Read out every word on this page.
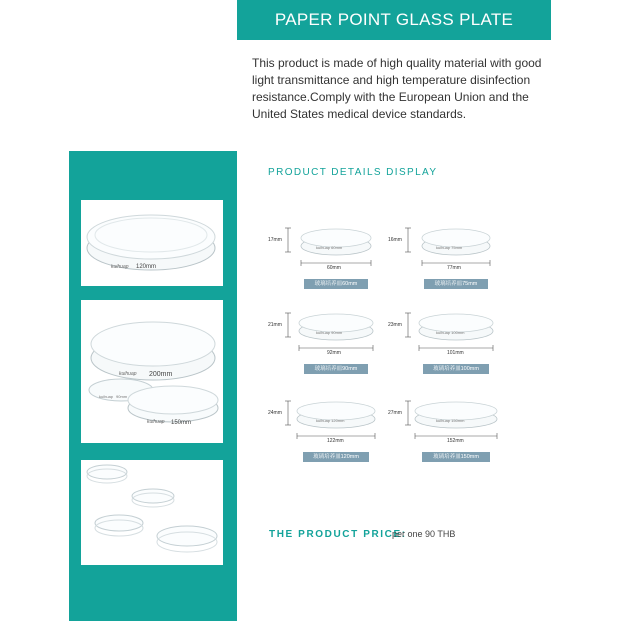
PAPER POINT GLASS PLATE
This product is made of high quality material with good light transmittance and high temperature disinfection resistance.Comply with the European Union and the United States medical device standards.
kuihuap 120mm
kuihuap 200mm
kuihuap 90mm
kuihuap 150mm
PRODUCT DETAILS DISPLAY
kuihuap 60mm
17mm
60mm
玻璃培养皿60mm
kuihuap 75mm
16mm
77mm
玻璃培养皿75mm
kuihuap 90mm
21mm
92mm
玻璃培养皿90mm
kuihuap 100mm
23mm
101mm
玻璃培养皿100mm
kuihuap 120mm
24mm
122mm
玻璃培养皿120mm
kuihuap 150mm
27mm
152mm
玻璃培养皿150mm
THE PRODUCT PRICE:
per one 90 THB
